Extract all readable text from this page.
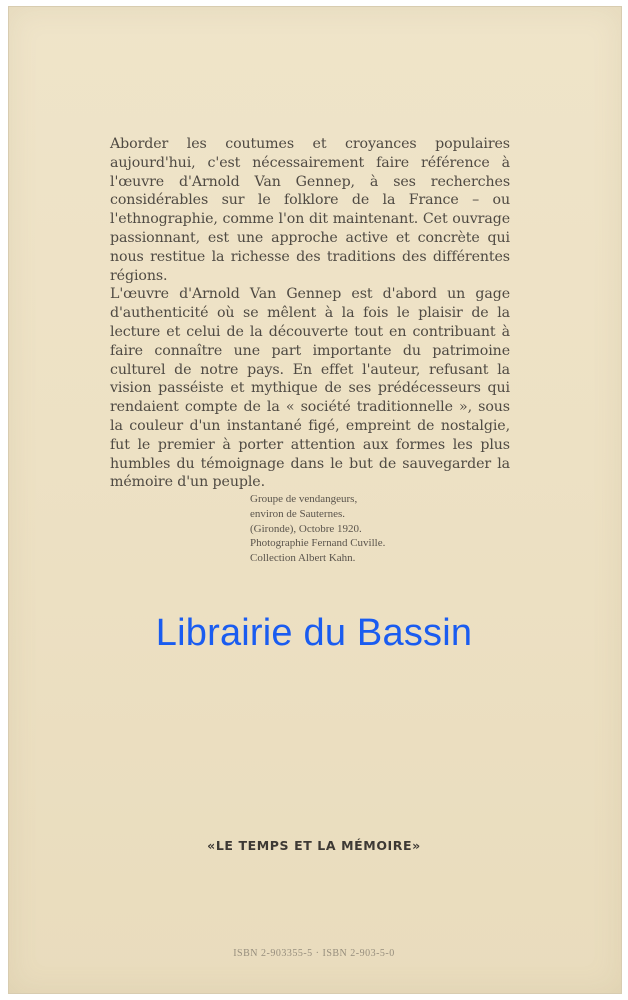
Aborder les coutumes et croyances populaires aujourd'hui, c'est nécessairement faire référence à l'œuvre d'Arnold Van Gennep, à ses recherches considérables sur le folklore de la France – ou l'ethnographie, comme l'on dit maintenant. Cet ouvrage passionnant, est une approche active et concrète qui nous restitue la richesse des traditions des différentes régions.

L'œuvre d'Arnold Van Gennep est d'abord un gage d'authenticité où se mêlent à la fois le plaisir de la lecture et celui de la découverte tout en contribuant à faire connaître une part importante du patrimoine culturel de notre pays. En effet l'auteur, refusant la vision passéiste et mythique de ses prédécesseurs qui rendaient compte de la « société traditionnelle », sous la couleur d'un instantané figé, empreint de nostalgie, fut le premier à porter attention aux formes les plus humbles du témoignage dans le but de sauvegarder la mémoire d'un peuple.

Groupe de vendangeurs,
environ de Sauternes.
(Gironde), Octobre 1920.
Photographie Fernand Cuville.
Collection Albert Kahn.
Librairie du Bassin
«LE TEMPS ET LA MÉMOIRE»
ISBN 2-903355-5 · ISBN 2-903-5-0
